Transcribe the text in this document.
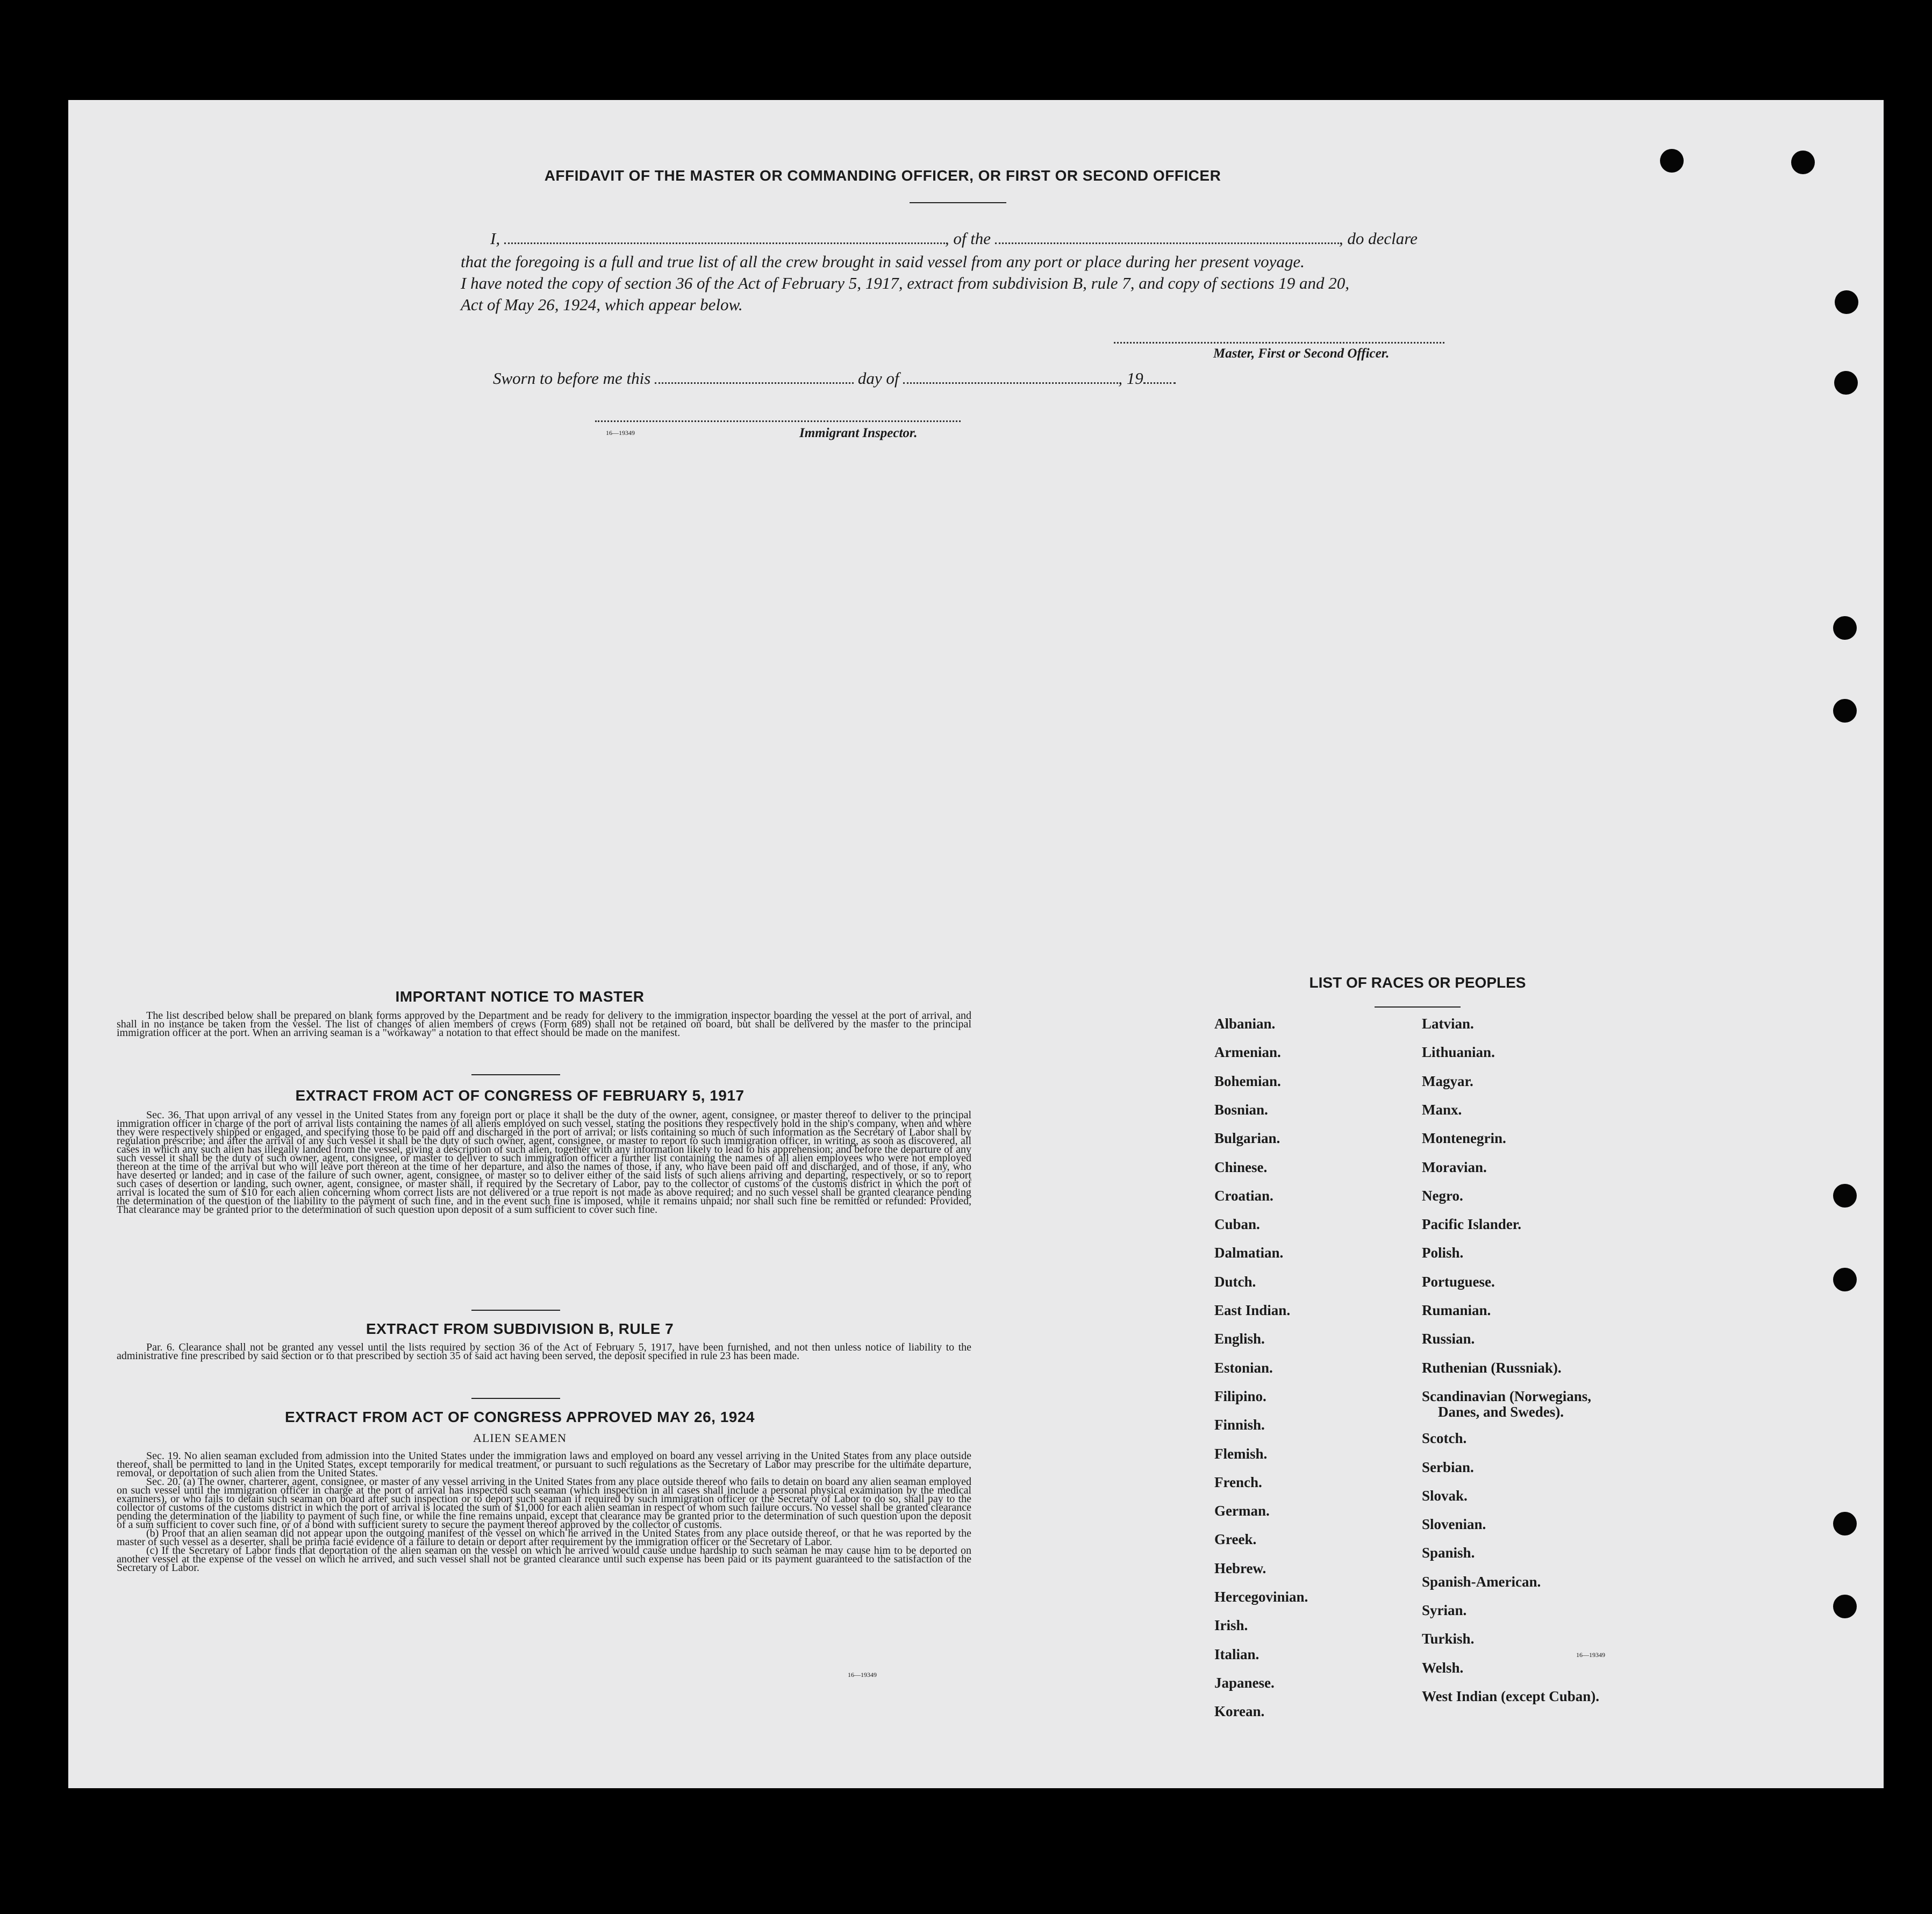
AFFIDAVIT OF THE MASTER OR COMMANDING OFFICER, OR FIRST OR SECOND OFFICER
I,	, of the	, do declare
that the foregoing is a full and true list of all the crew brought in said vessel from any port or place during her present voyage.
I have noted the copy of section 36 of the Act of February 5, 1917, extract from subdivision B, rule 7, and copy of sections 19 and 20,
Act of May 26, 1924, which appear below.
Master, First or Second Officer.
Sworn to before me this	day of	, 19
16—19349	Immigrant Inspector.
IMPORTANT NOTICE TO MASTER
The list described below shall be prepared on blank forms approved by the Department and be ready for delivery to the immigration inspector boarding the vessel at the port of arrival, and shall in no instance be taken from the vessel. The list of changes of alien members of crews (Form 689) shall not be retained on board, but shall be delivered by the master to the principal immigration officer at the port. When an arriving seaman is a "workaway" a notation to that effect should be made on the manifest.
EXTRACT FROM ACT OF CONGRESS OF FEBRUARY 5, 1917
Sec. 36. That upon arrival of any vessel in the United States from any foreign port or place it shall be the duty of the owner, agent, consignee, or master thereof to deliver to the principal immigration officer in charge of the port of arrival lists containing the names of all aliens employed on such vessel, stating the positions they respectively hold in the ship's company, when and where they were respectively shipped or engaged, and specifying those to be paid off and discharged in the port of arrival; or lists containing so much of such information as the Secretary of Labor shall by regulation prescribe; and after the arrival of any such vessel it shall be the duty of such owner, agent, consignee, or master to report to such immigration officer, in writing, as soon as discovered, all cases in which any such alien has illegally landed from the vessel, giving a description of such alien, together with any information likely to lead to his apprehension; and before the departure of any such vessel it shall be the duty of such owner, agent, consignee, or master to deliver to such immigration officer a further list containing the names of all alien employees who were not employed thereon at the time of the arrival but who will leave port thereon at the time of her departure, and also the names of those, if any, who have been paid off and discharged, and of those, if any, who have deserted or landed; and in case of the failure of such owner, agent, consignee, or master so to deliver either of the said lists of such aliens arriving and departing, respectively, or so to report such cases of desertion or landing, such owner, agent, consignee, or master shall, if required by the Secretary of Labor, pay to the collector of customs of the customs district in which the port of arrival is located the sum of $10 for each alien concerning whom correct lists are not delivered or a true report is not made as above required; and no such vessel shall be granted clearance pending the determination of the question of the liability to the payment of such fine, and in the event such fine is imposed, while it remains unpaid; nor shall such fine be remitted or refunded: Provided, That clearance may be granted prior to the determination of such question upon deposit of a sum sufficient to cover such fine.
EXTRACT FROM SUBDIVISION B, RULE 7
Par. 6. Clearance shall not be granted any vessel until the lists required by section 36 of the Act of February 5, 1917, have been furnished, and not then unless notice of liability to the administrative fine prescribed by said section or to that prescribed by section 35 of said act having been served, the deposit specified in rule 23 has been made.
EXTRACT FROM ACT OF CONGRESS APPROVED MAY 26, 1924
ALIEN SEAMEN
Sec. 19. No alien seaman excluded from admission into the United States under the immigration laws and employed on board any vessel arriving in the United States from any place outside thereof, shall be permitted to land in the United States, except temporarily for medical treatment, or pursuant to such regulations as the Secretary of Labor may prescribe for the ultimate departure, removal, or deportation of such alien from the United States.
Sec. 20. (a) The owner, charterer, agent, consignee, or master of any vessel arriving in the United States from any place outside thereof who fails to detain on board any alien seaman employed on such vessel until the immigration officer in charge at the port of arrival has inspected such seaman (which inspection in all cases shall include a personal physical examination by the medical examiners), or who fails to detain such seaman on board after such inspection or to deport such seaman if required by such immigration officer or the Secretary of Labor to do so, shall pay to the collector of customs of the customs district in which the port of arrival is located the sum of $1,000 for each alien seaman in respect of whom such failure occurs. No vessel shall be granted clearance pending the determination of the liability to payment of such fine, or while the fine remains unpaid, except that clearance may be granted prior to the determination of such question upon the deposit of a sum sufficient to cover such fine, or of a bond with sufficient surety to secure the payment thereof approved by the collector of customs.
(b) Proof that an alien seaman did not appear upon the outgoing manifest of the vessel on which he arrived in the United States from any place outside thereof, or that he was reported by the master of such vessel as a deserter, shall be prima facie evidence of a failure to detain or deport after requirement by the immigration officer or the Secretary of Labor.
(c) If the Secretary of Labor finds that deportation of the alien seaman on the vessel on which he arrived would cause undue hardship to such seaman he may cause him to be deported on another vessel at the expense of the vessel on which he arrived, and such vessel shall not be granted clearance until such expense has been paid or its payment guaranteed to the satisfaction of the Secretary of Labor.
16—19349
LIST OF RACES OR PEOPLES
16—19349
Albanian.
Armenian.
Bohemian.
Bosnian.
Bulgarian.
Chinese.
Croatian.
Cuban.
Dalmatian.
Dutch.
East Indian.
English.
Estonian.
Filipino.
Finnish.
Flemish.
French.
German.
Greek.
Hebrew.
Hercegovinian.
Irish.
Italian.
Japanese.
Korean.
Latvian.
Lithuanian.
Magyar.
Manx.
Montenegrin.
Moravian.
Negro.
Pacific Islander.
Polish.
Portuguese.
Rumanian.
Russian.
Ruthenian (Russniak).
Scandinavian (Norwegians,
Danes, and Swedes).
Scotch.
Serbian.
Slovak.
Slovenian.
Spanish.
Spanish-American.
Syrian.
Turkish.
Welsh.
West Indian (except Cuban).
